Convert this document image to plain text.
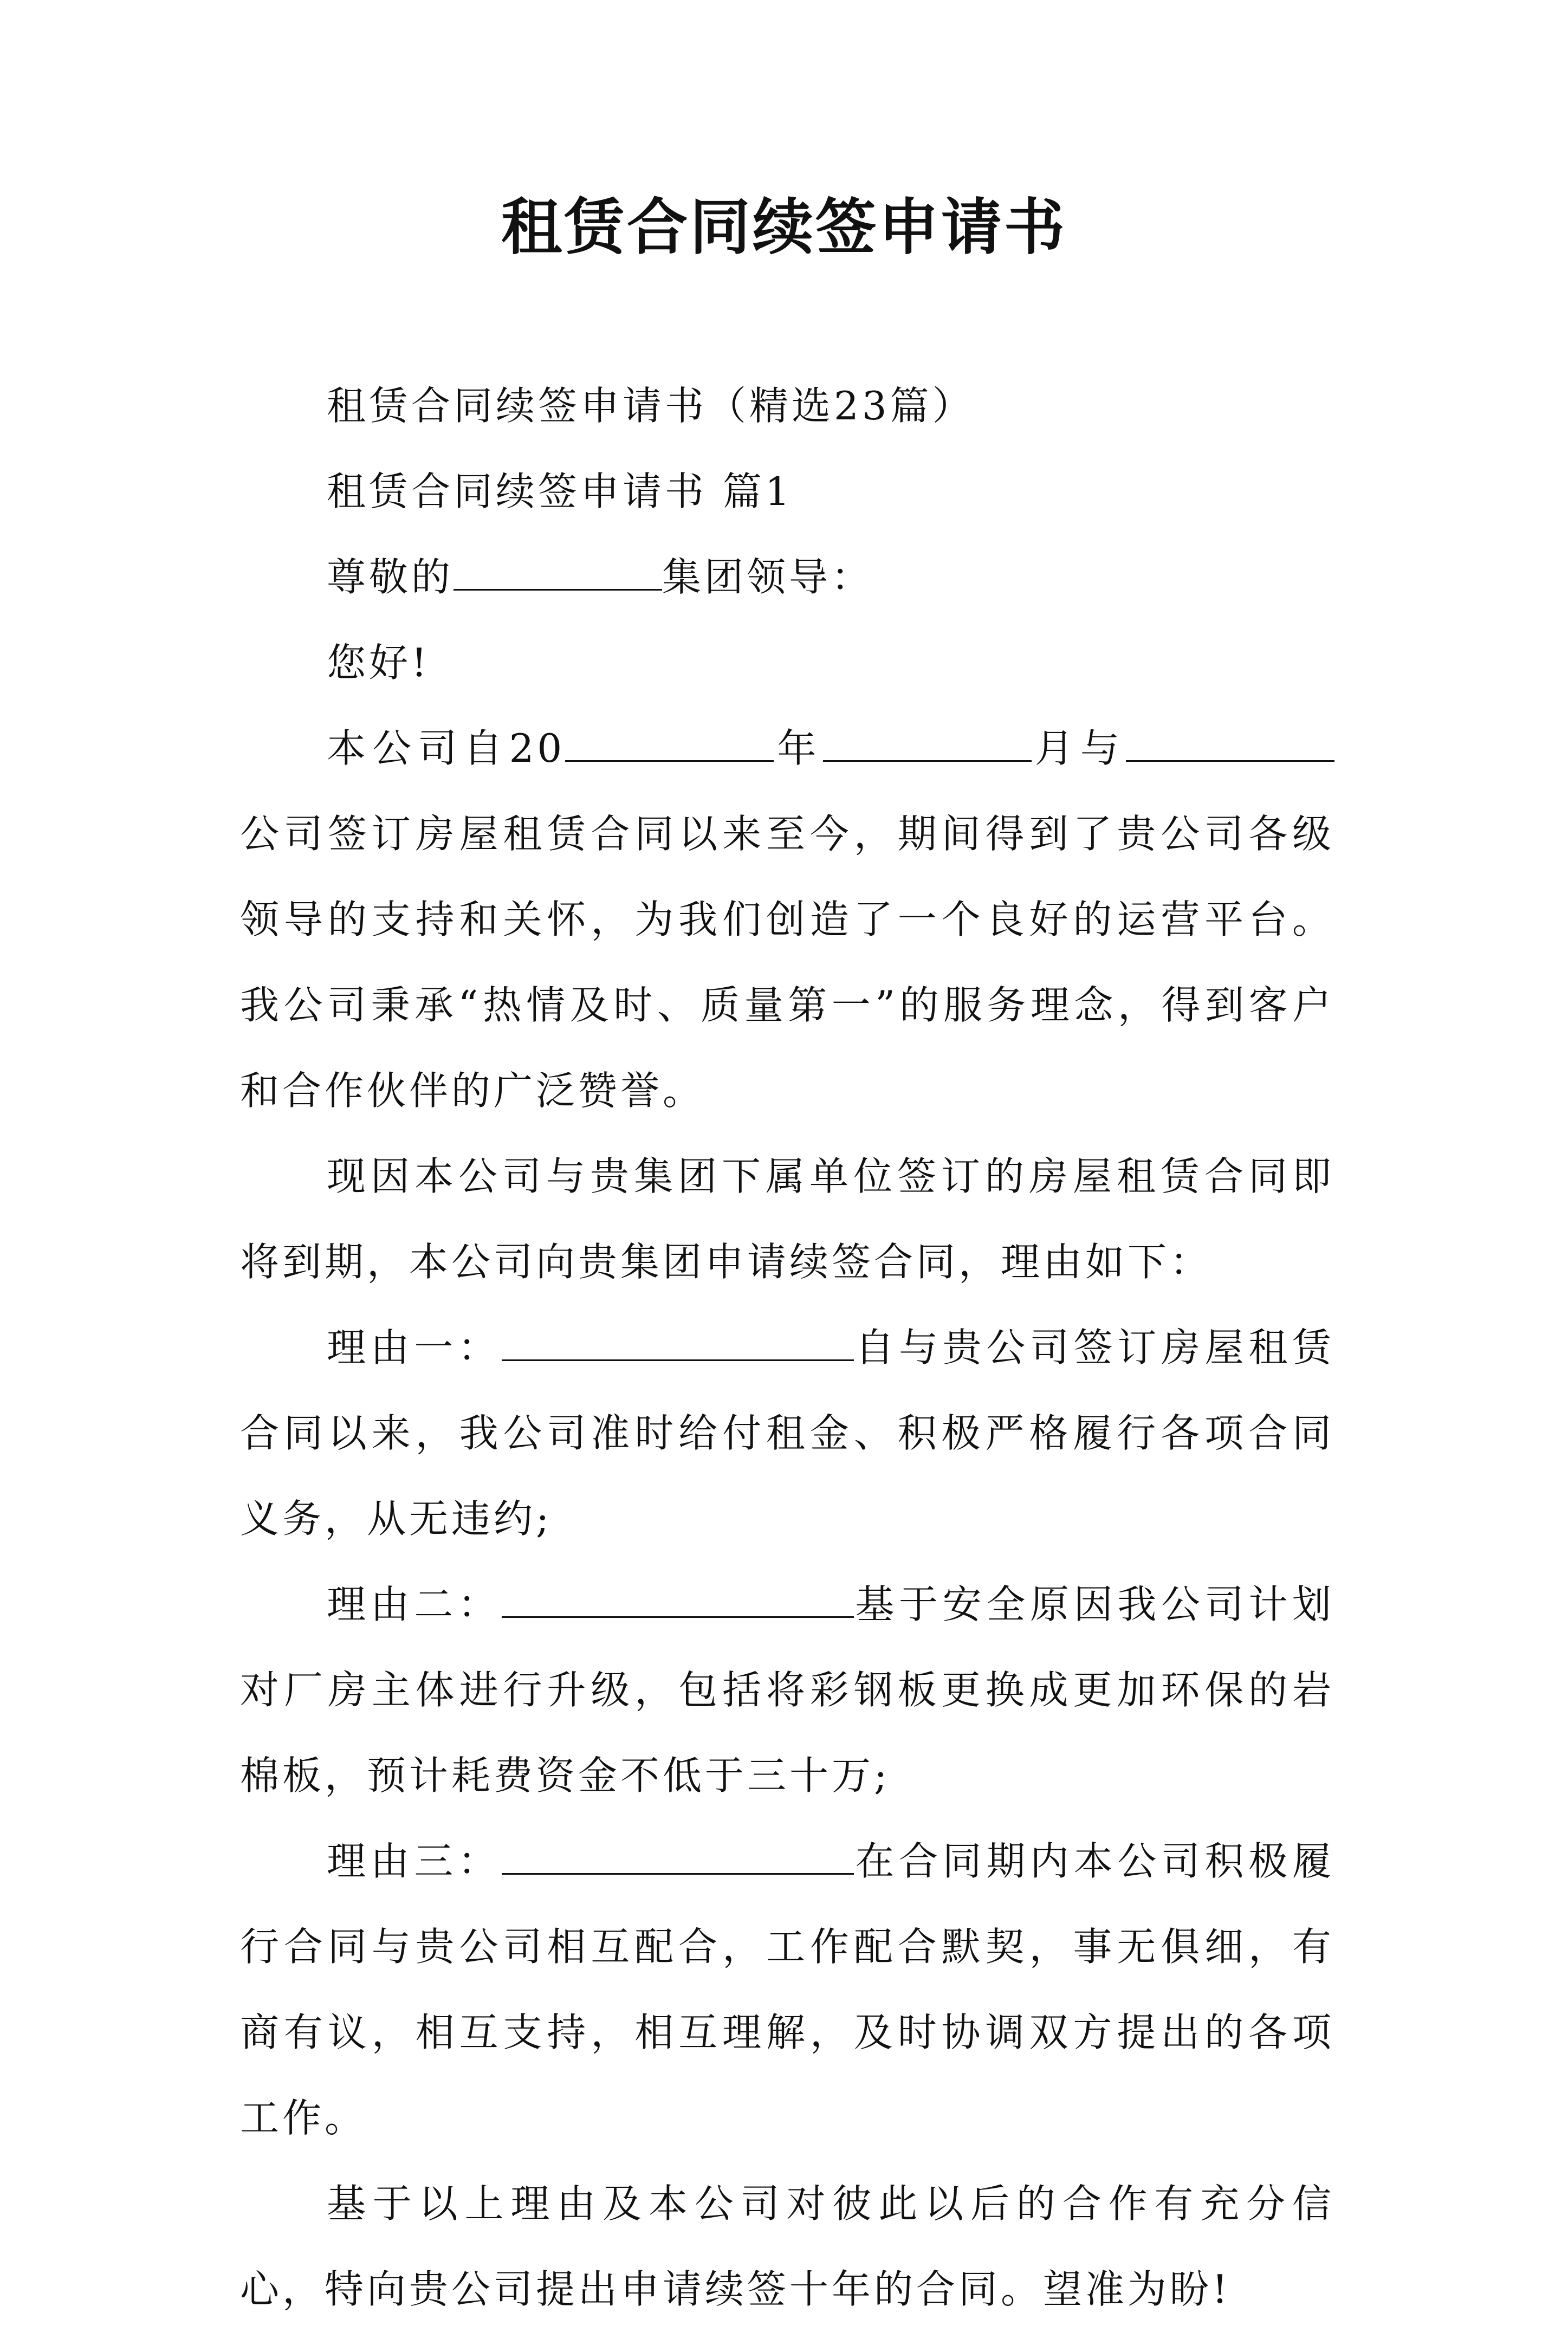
租赁合同续签申请书

租赁合同续签申请书（精选23篇）

租赁合同续签申请书 篇1

尊敬的	集团领导：

您好!

本公司自20	年	月与公司签订房屋租赁合同以来至今，期间得到了贵公司各级领导的支持和关怀，为我们创造了一个良好的运营平台。我公司秉承“热情及时、质量第一”的服务理念，得到客户和合作伙伴的广泛赞誉。

现因本公司与贵集团下属单位签订的房屋租赁合同即将到期，本公司向贵集团申请续签合同，理由如下：

理由一：	自与贵公司签订房屋租赁合同以来，我公司准时给付租金、积极严格履行各项合同义务，从无违约;

理由二：	基于安全原因我公司计划对厂房主体进行升级，包括将彩钢板更换成更加环保的岩棉板，预计耗费资金不低于三十万;

理由三：	在合同期内本公司积极履行合同与贵公司相互配合，工作配合默契，事无俱细，有商有议，相互支持，相互理解，及时协调双方提出的各项工作。

基于以上理由及本公司对彼此以后的合作有充分信心，特向贵公司提出申请续签十年的合同。望准为盼!
